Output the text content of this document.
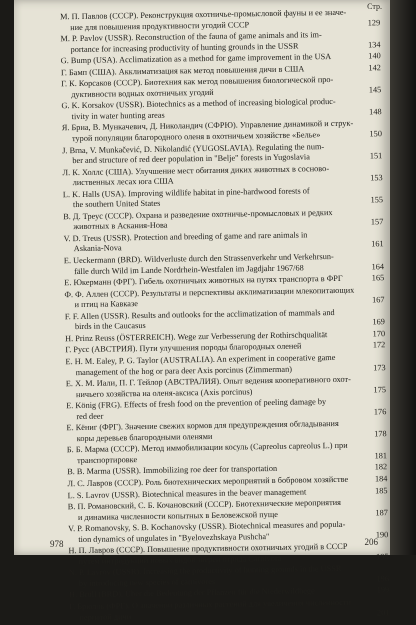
Стр.
М. П. Павлов (СССР). Реконструкция охотничье-промысловой фауны и ее значе-
ние для повышения продуктивности угодий СССР	129
M. P. Pavlov (USSR). Reconstruction of the fauna of game animals and its im-
portance for increasing productivity of hunting grounds in the USSR	134
G. Bump (USA). Acclimatization as a method for game improvement in the USA	140
Г. Бамп (США). Акклиматизация как метод повышения дичи в США	142
Г. К. Корсаков (СССР). Биотехния как метод повышения биологической про-
дуктивности водных охотничьих угодий	145
G. K. Korsakov (USSR). Biotechnics as a method of increasing biological produc-
tivity in water hunting areas	148
Я. Брна, В. Мункачевич, Д. Николандич (СФРЮ). Управление динамикой и струк-
турой популяции благородного оленя в охотничьем хозяйстве «Белье»	150
J. Brna, V. Munkačević, D. Nikolandić (YUGOSLAVIA). Regulating the num-
ber and structure of red deer population in "Belje" forests in Yugoslavia	151
Л. К. Холлс (США). Улучшение мест обитания диких животных в сосново-
лиственных лесах юга США	153
L. K. Halls (USA). Improving wildlife habitat in pine-hardwood forests of
the southern United States	155
В. Д. Треус (СССР). Охрана и разведение охотничье-промысловых и редких
животных в Аскания-Нова	157
V. D. Treus (USSR). Protection and breeding of game and rare animals in
Askania-Nova	161
E. Ueckermann (BRD). Wildverluste durch den Strassenverkehr und Verkehrsun-
fälle durch Wild im Lande Nordrhein-Westfalen im Jagdjahr 1967/68	164
Е. Юкерманн (ФРГ). Гибель охотничьих животных на путях транспорта в ФРГ	165
Ф. Ф. Аллен (СССР). Результаты и перспективы акклиматизации млекопитающих
и птиц на Кавказе	167
F. F. Allen (USSR). Results and outlooks for the acclimatization of mammals and
birds in the Caucasus	169
H. Prinz Reuss (ÖSTERREICH). Wege zur Verbesserung der Rothirschqualität	170
Г. Русс (АВСТРИЯ). Пути улучшения породы благородных оленей	172
E. H. M. Ealey, P. G. Taylor (AUSTRALIA). An experiment in cooperative game
management of the hog or para deer Axis porcinus (Zimmerman)	173
Е. Х. М. Иали, П. Г. Тейлор (АВСТРАЛИЯ). Опыт ведения кооперативного охот-
ничьего хозяйства на оленя-аксиса (Axis porcinus)	175
E. König (FRG). Effects of fresh food on the prevention of peeling damage by
red deer	176
Е. Кёниг (ФРГ). Значение свежих кормов для предупреждения обгладывания
коры деревьев благородными оленями	178
Б. Б. Марма (СССР). Метод иммобилизации косуль (Capreolus capreolus L.) при
транспортировке	181
B. B. Marma (USSR). Immobilizing roe deer for transportation	182
Л. С. Лавров (СССР). Роль биотехнических мероприятий в бобровом хозяйстве	184
L. S. Lavrov (USSR). Biotechnical measures in the beaver management	185
В. П. Романовский, С. Б. Кочановский (СССР). Биотехнические мероприятия
и динамика численности копытных в Беловежской пуще	187
V. P. Romanovsky, S. B. Kochanovsky (USSR). Biotechnical measures and popula-
tion dynamics of ungulates in "Byelovezhskaya Pushcha"	190
Н. П. Лавров (СССР). Повышение продуктивности охотничьих угодий в СССР
путем интродукции новых видов зверей отряда Carnivora	195
N. P. Lavrov (USSR). Increasing the productivity of hunting grounds in the USSR
by introducing new species of carnivores	196
H. Brüll (BRD). Über die Bedeutung der Pflanzen für die Niederwildhege	199
Г. Брюлль (ФРГ). О значении различных растений для увеличения численности
пернатой дичи	201
978	206
